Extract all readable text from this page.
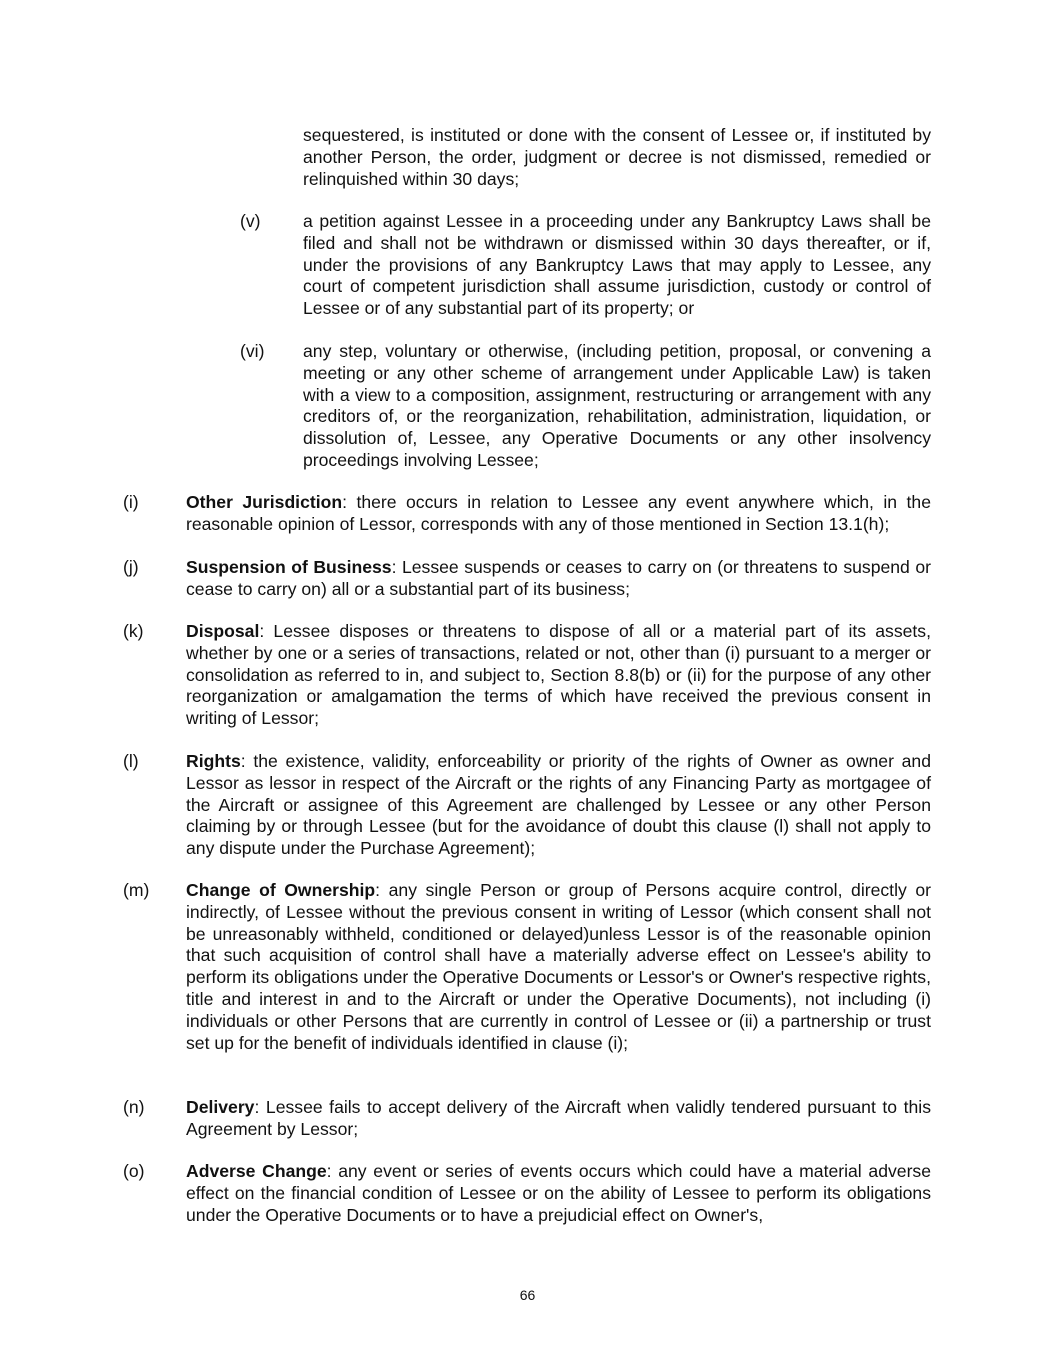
sequestered, is instituted or done with the consent of Lessee or, if instituted by another Person, the order, judgment or decree is not dismissed, remedied or relinquished within 30 days;
(v) a petition against Lessee in a proceeding under any Bankruptcy Laws shall be filed and shall not be withdrawn or dismissed within 30 days thereafter, or if, under the provisions of any Bankruptcy Laws that may apply to Lessee, any court of competent jurisdiction shall assume jurisdiction, custody or control of Lessee or of any substantial part of its property; or
(vi) any step, voluntary or otherwise, (including petition, proposal, or convening a meeting or any other scheme of arrangement under Applicable Law) is taken with a view to a composition, assignment, restructuring or arrangement with any creditors of, or the reorganization, rehabilitation, administration, liquidation, or dissolution of, Lessee, any Operative Documents or any other insolvency proceedings involving Lessee;
(i)	Other Jurisdiction: there occurs in relation to Lessee any event anywhere which, in the reasonable opinion of Lessor, corresponds with any of those mentioned in Section 13.1(h);
(j)	Suspension of Business: Lessee suspends or ceases to carry on (or threatens to suspend or cease to carry on) all or a substantial part of its business;
(k) Disposal: Lessee disposes or threatens to dispose of all or a material part of its assets, whether by one or a series of transactions, related or not, other than (i) pursuant to a merger or consolidation as referred to in, and subject to, Section 8.8(b) or (ii) for the purpose of any other reorganization or amalgamation the terms of which have received the previous consent in writing of Lessor;
(l)	Rights: the existence, validity, enforceability or priority of the rights of Owner as owner and Lessor as lessor in respect of the Aircraft or the rights of any Financing Party as mortgagee of the Aircraft or assignee of this Agreement are challenged by Lessee or any other Person claiming by or through Lessee (but for the avoidance of doubt this clause (l) shall not apply to any dispute under the Purchase Agreement);
(m) Change of Ownership: any single Person or group of Persons acquire control, directly or indirectly, of Lessee without the previous consent in writing of Lessor (which consent shall not be unreasonably withheld, conditioned or delayed)unless Lessor is of the reasonable opinion that such acquisition of control shall have a materially adverse effect on Lessee's ability to perform its obligations under the Operative Documents or Lessor's or Owner's respective rights, title and interest in and to the Aircraft or under the Operative Documents), not including (i) individuals or other Persons that are currently in control of Lessee or (ii) a partnership or trust set up for the benefit of individuals identified in clause (i);
(n) Delivery: Lessee fails to accept delivery of the Aircraft when validly tendered pursuant to this Agreement by Lessor;
(o) Adverse Change: any event or series of events occurs which could have a material adverse effect on the financial condition of Lessee or on the ability of Lessee to perform its obligations under the Operative Documents or to have a prejudicial effect on Owner's,
66
